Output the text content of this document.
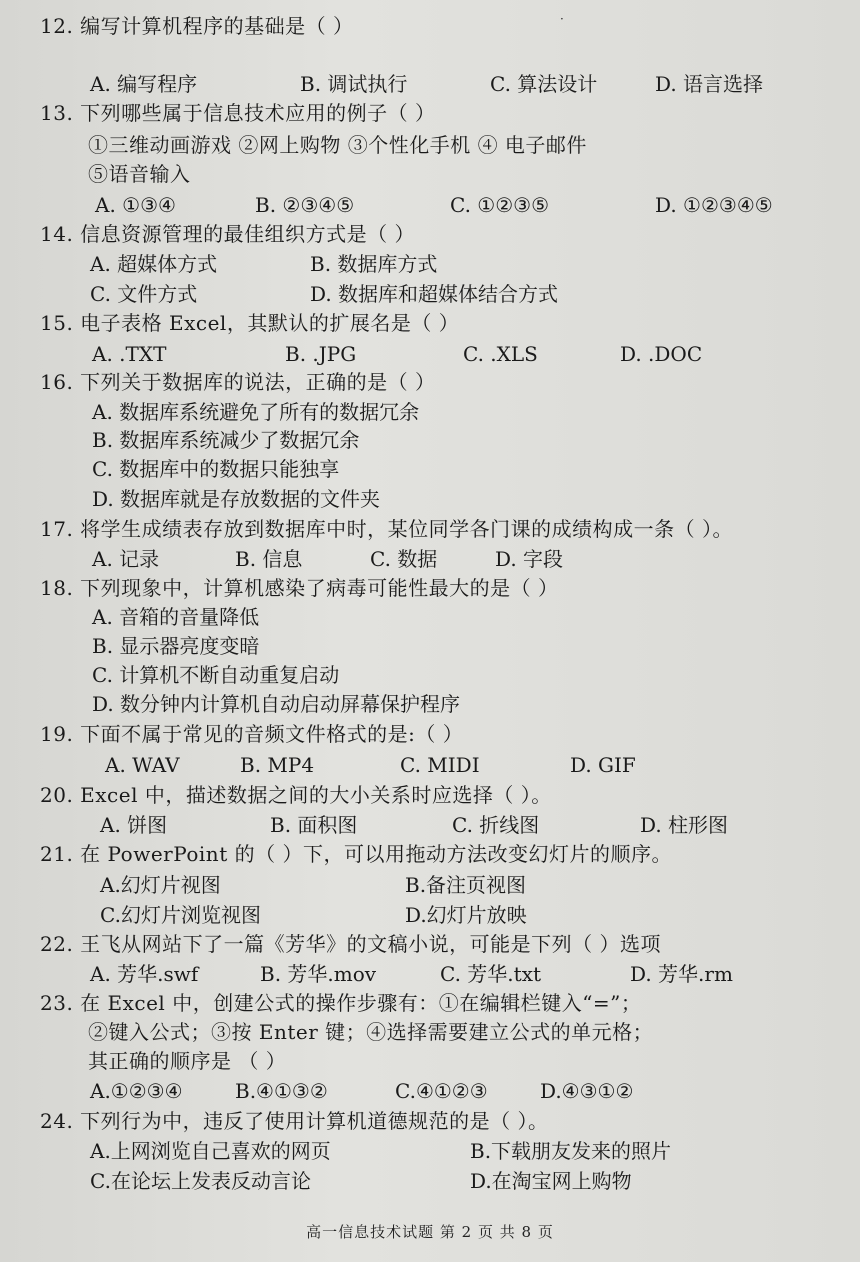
·
12. 编写计算机程序的基础是（ ）
A. 编写程序	B. 调试执行	C. 算法设计	D. 语言选择
13. 下列哪些属于信息技术应用的例子（ ）
①三维动画游戏 ②网上购物 ③个性化手机 ④ 电子邮件
⑤语音输入
A. ①③④	B. ②③④⑤	C. ①②③⑤	D. ①②③④⑤
14. 信息资源管理的最佳组织方式是（ ）
A. 超媒体方式	B. 数据库方式
C. 文件方式	D. 数据库和超媒体结合方式
15. 电子表格 Excel，其默认的扩展名是（ ）
A. .TXT	B. .JPG	C. .XLS	D. .DOC
16. 下列关于数据库的说法，正确的是（ ）
A. 数据库系统避免了所有的数据冗余
B. 数据库系统减少了数据冗余
C. 数据库中的数据只能独享
D. 数据库就是存放数据的文件夹
17. 将学生成绩表存放到数据库中时，某位同学各门课的成绩构成一条（ ）。
A. 记录	B. 信息	C. 数据	D. 字段
18. 下列现象中，计算机感染了病毒可能性最大的是（ ）
A. 音箱的音量降低
B. 显示器亮度变暗
C. 计算机不断自动重复启动
D. 数分钟内计算机自动启动屏幕保护程序
19. 下面不属于常见的音频文件格式的是:（ ）
A. WAV	B. MP4	C. MIDI	D. GIF
20. Excel 中，描述数据之间的大小关系时应选择（ ）。
A. 饼图	B. 面积图	C. 折线图	D. 柱形图
21. 在 PowerPoint 的（ ）下，可以用拖动方法改变幻灯片的顺序。
A.幻灯片视图	B.备注页视图
C.幻灯片浏览视图	D.幻灯片放映
22. 王飞从网站下了一篇《芳华》的文稿小说，可能是下列（ ）选项
A. 芳华.swf	B. 芳华.mov	C. 芳华.txt	D. 芳华.rm
23. 在 Excel 中，创建公式的操作步骤有：①在编辑栏键入“=”；
②键入公式；③按 Enter 键；④选择需要建立公式的单元格；
其正确的顺序是 （ ）
A.①②③④	B.④①③②	C.④①②③	D.④③①②
24. 下列行为中，违反了使用计算机道德规范的是（ ）。
A.上网浏览自己喜欢的网页	B.下载朋友发来的照片
C.在论坛上发表反动言论	D.在淘宝网上购物
高一信息技术试题 第 2 页 共 8 页
